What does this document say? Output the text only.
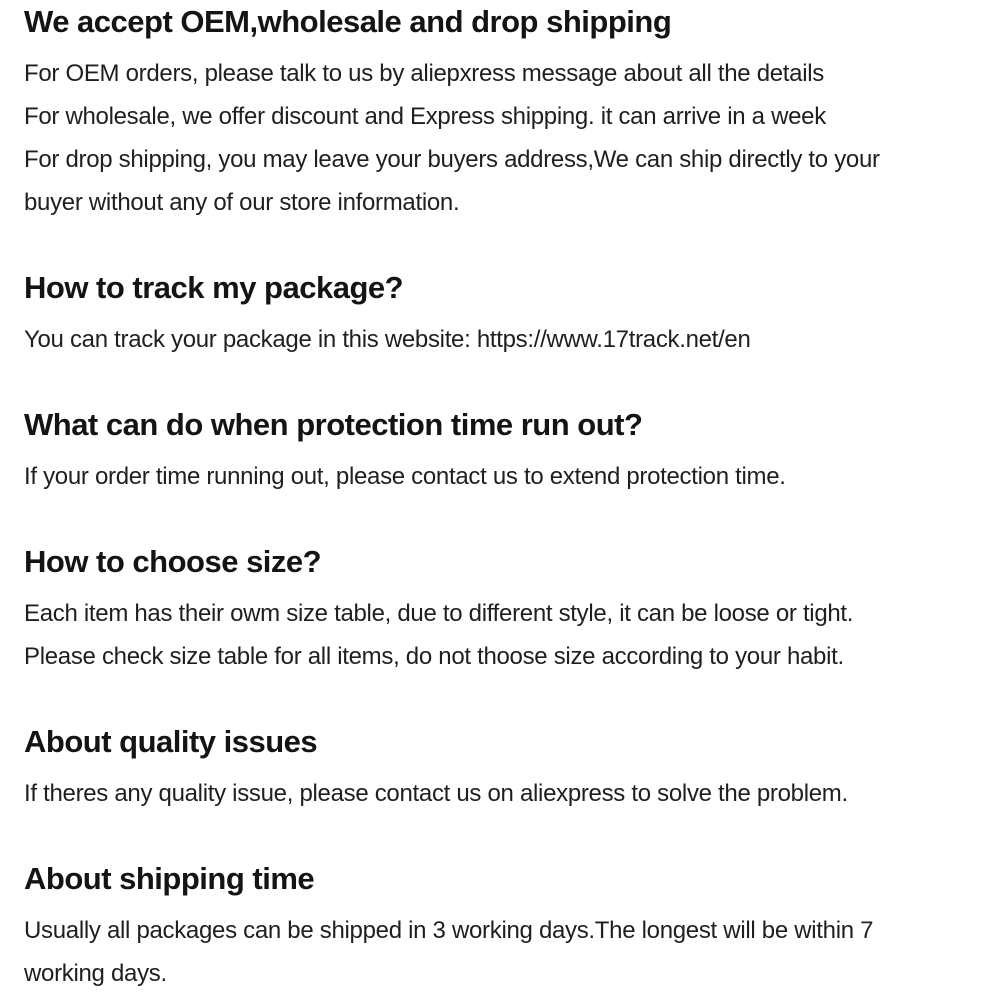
We accept OEM,wholesale and drop shipping
For OEM orders, please talk to us by aliepxress message about all the details
For wholesale, we offer discount and Express shipping. it can arrive in a week
For drop shipping, you may leave your buyers address,We can ship directly to your
buyer without any of our store information.
How to track my package?
You can track your package in this website: https://www.17track.net/en
What can do when protection time run out?
If your order time running out, please contact us to extend protection time.
How to choose size?
Each item has their owm size table, due to different style, it can be loose or tight.
Please check size table for all items, do not thoose size according to your habit.
About quality issues
If theres any quality issue, please contact us on aliexpress to solve the problem.
About shipping time
Usually all packages can be shipped in 3 working days.The longest will be within 7
working days.
